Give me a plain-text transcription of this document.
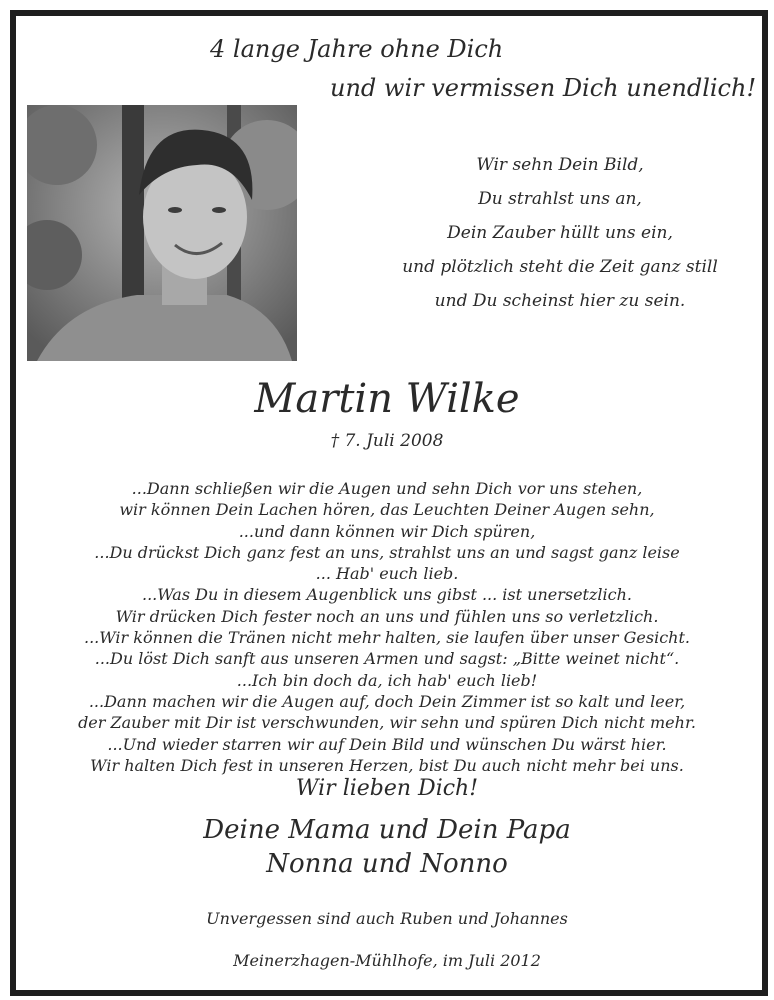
4 lange Jahre ohne Dich
und wir vermissen Dich unendlich!
Wir sehn Dein Bild,
Du strahlst uns an,
Dein Zauber hüllt uns ein,
und plötzlich steht die Zeit ganz still
und Du scheinst hier zu sein.
Martin Wilke
† 7. Juli 2008
...Dann schließen wir die Augen und sehn Dich vor uns stehen,
wir können Dein Lachen hören, das Leuchten Deiner Augen sehn,
...und dann können wir Dich spüren,
...Du drückst Dich ganz fest an uns, strahlst uns an und sagst ganz leise
... Hab' euch lieb.
...Was Du in diesem Augenblick uns gibst ... ist unersetzlich.
Wir drücken Dich fester noch an uns und fühlen uns so verletzlich.
...Wir können die Tränen nicht mehr halten, sie laufen über unser Gesicht.
...Du löst Dich sanft aus unseren Armen und sagst: „Bitte weinet nicht“.
...Ich bin doch da, ich hab' euch lieb!
...Dann machen wir die Augen auf, doch Dein Zimmer ist so kalt und leer,
der Zauber mit Dir ist verschwunden, wir sehn und spüren Dich nicht mehr.
...Und wieder starren wir auf Dein Bild und wünschen Du wärst hier.
Wir halten Dich fest in unseren Herzen, bist Du auch nicht mehr bei uns.
Wir lieben Dich!
Deine Mama und Dein Papa
Nonna und Nonno
Unvergessen sind auch Ruben und Johannes
Meinerzhagen-Mühlhofe, im Juli 2012
